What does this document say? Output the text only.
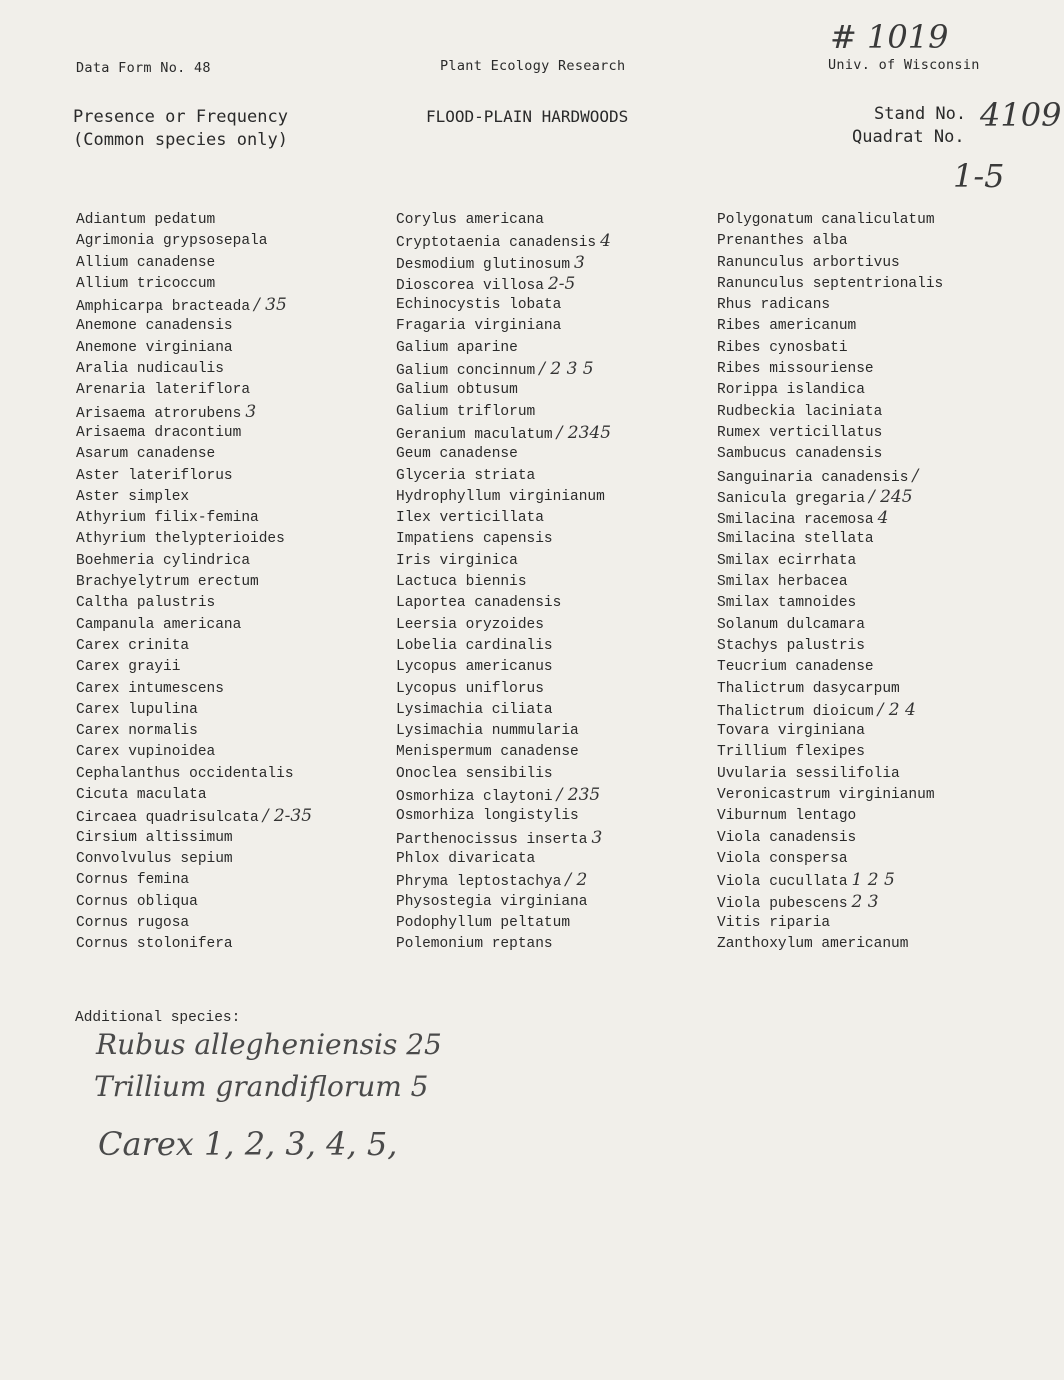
Data Form No. 48	Plant Ecology Research	Univ. of Wisconsin
# 1019
Presence or Frequency
(Common species only)
FLOOD-PLAIN HARDWOODS	Stand No.
Quadrat No.
4109
1-5
Adiantum pedatum
Agrimonia grypsosepala
Allium canadense
Allium tricoccum
Amphicarpa bracteada / 35
Anemone canadensis
Anemone virginiana
Aralia nudicaulis
Arenaria lateriflora
Arisaema atrorubens 3
Arisaema dracontium
Asarum canadense
Aster lateriflorus
Aster simplex
Athyrium filix-femina
Athyrium thelypterioides
Boehmeria cylindrica
Brachyelytrum erectum
Caltha palustris
Campanula americana
Carex crinita
Carex grayii
Carex intumescens
Carex lupulina
Carex normalis
Carex vupinoidea
Cephalanthus occidentalis
Cicuta maculata
Circaea quadrisulcata / 2-35
Cirsium altissimum
Convolvulus sepium
Cornus femina
Cornus obliqua
Cornus rugosa
Cornus stolonifera
Corylus americana
Cryptotaenia canadensis 4
Desmodium glutinosum 3
Dioscorea villosa 2-5
Echinocystis lobata
Fragaria virginiana
Galium aparine
Galium concinnum / 2 3 5
Galium obtusum
Galium triflorum
Geranium maculatum / 2345
Geum canadense
Glyceria striata
Hydrophyllum virginianum
Ilex verticillata
Impatiens capensis
Iris virginica
Lactuca biennis
Laportea canadensis
Leersia oryzoides
Lobelia cardinalis
Lycopus americanus
Lycopus uniflorus
Lysimachia ciliata
Lysimachia nummularia
Menispermum canadense
Onoclea sensibilis
Osmorhiza claytoni / 235
Osmorhiza longistylis
Parthenocissus inserta 3
Phlox divaricata
Phryma leptostachya / 2
Physostegia virginiana
Podophyllum peltatum
Polemonium reptans
Polygonatum canaliculatum
Prenanthes alba
Ranunculus arbortivus
Ranunculus septentrionalis
Rhus radicans
Ribes americanum
Ribes cynosbati
Ribes missouriense
Rorippa islandica
Rudbeckia laciniata
Rumex verticillatus
Sambucus canadensis
Sanguinaria canadensis /
Sanicula gregaria / 245
Smilacina racemosa 4
Smilacina stellata
Smilax ecirrhata
Smilax herbacea
Smilax tamnoides
Solanum dulcamara
Stachys palustris
Teucrium canadense
Thalictrum dasycarpum
Thalictrum dioicum / 2 4
Tovara virginiana
Trillium flexipes
Uvularia sessilifolia
Veronicastrum virginianum
Viburnum lentago
Viola canadensis
Viola conspersa
Viola cucullata 1 2 5
Viola pubescens 2 3
Vitis riparia
Zanthoxylum americanum
Additional species:
Rubus allegheniensis 25
Trillium grandiflorum 5
Carex 1, 2, 3, 4, 5,
